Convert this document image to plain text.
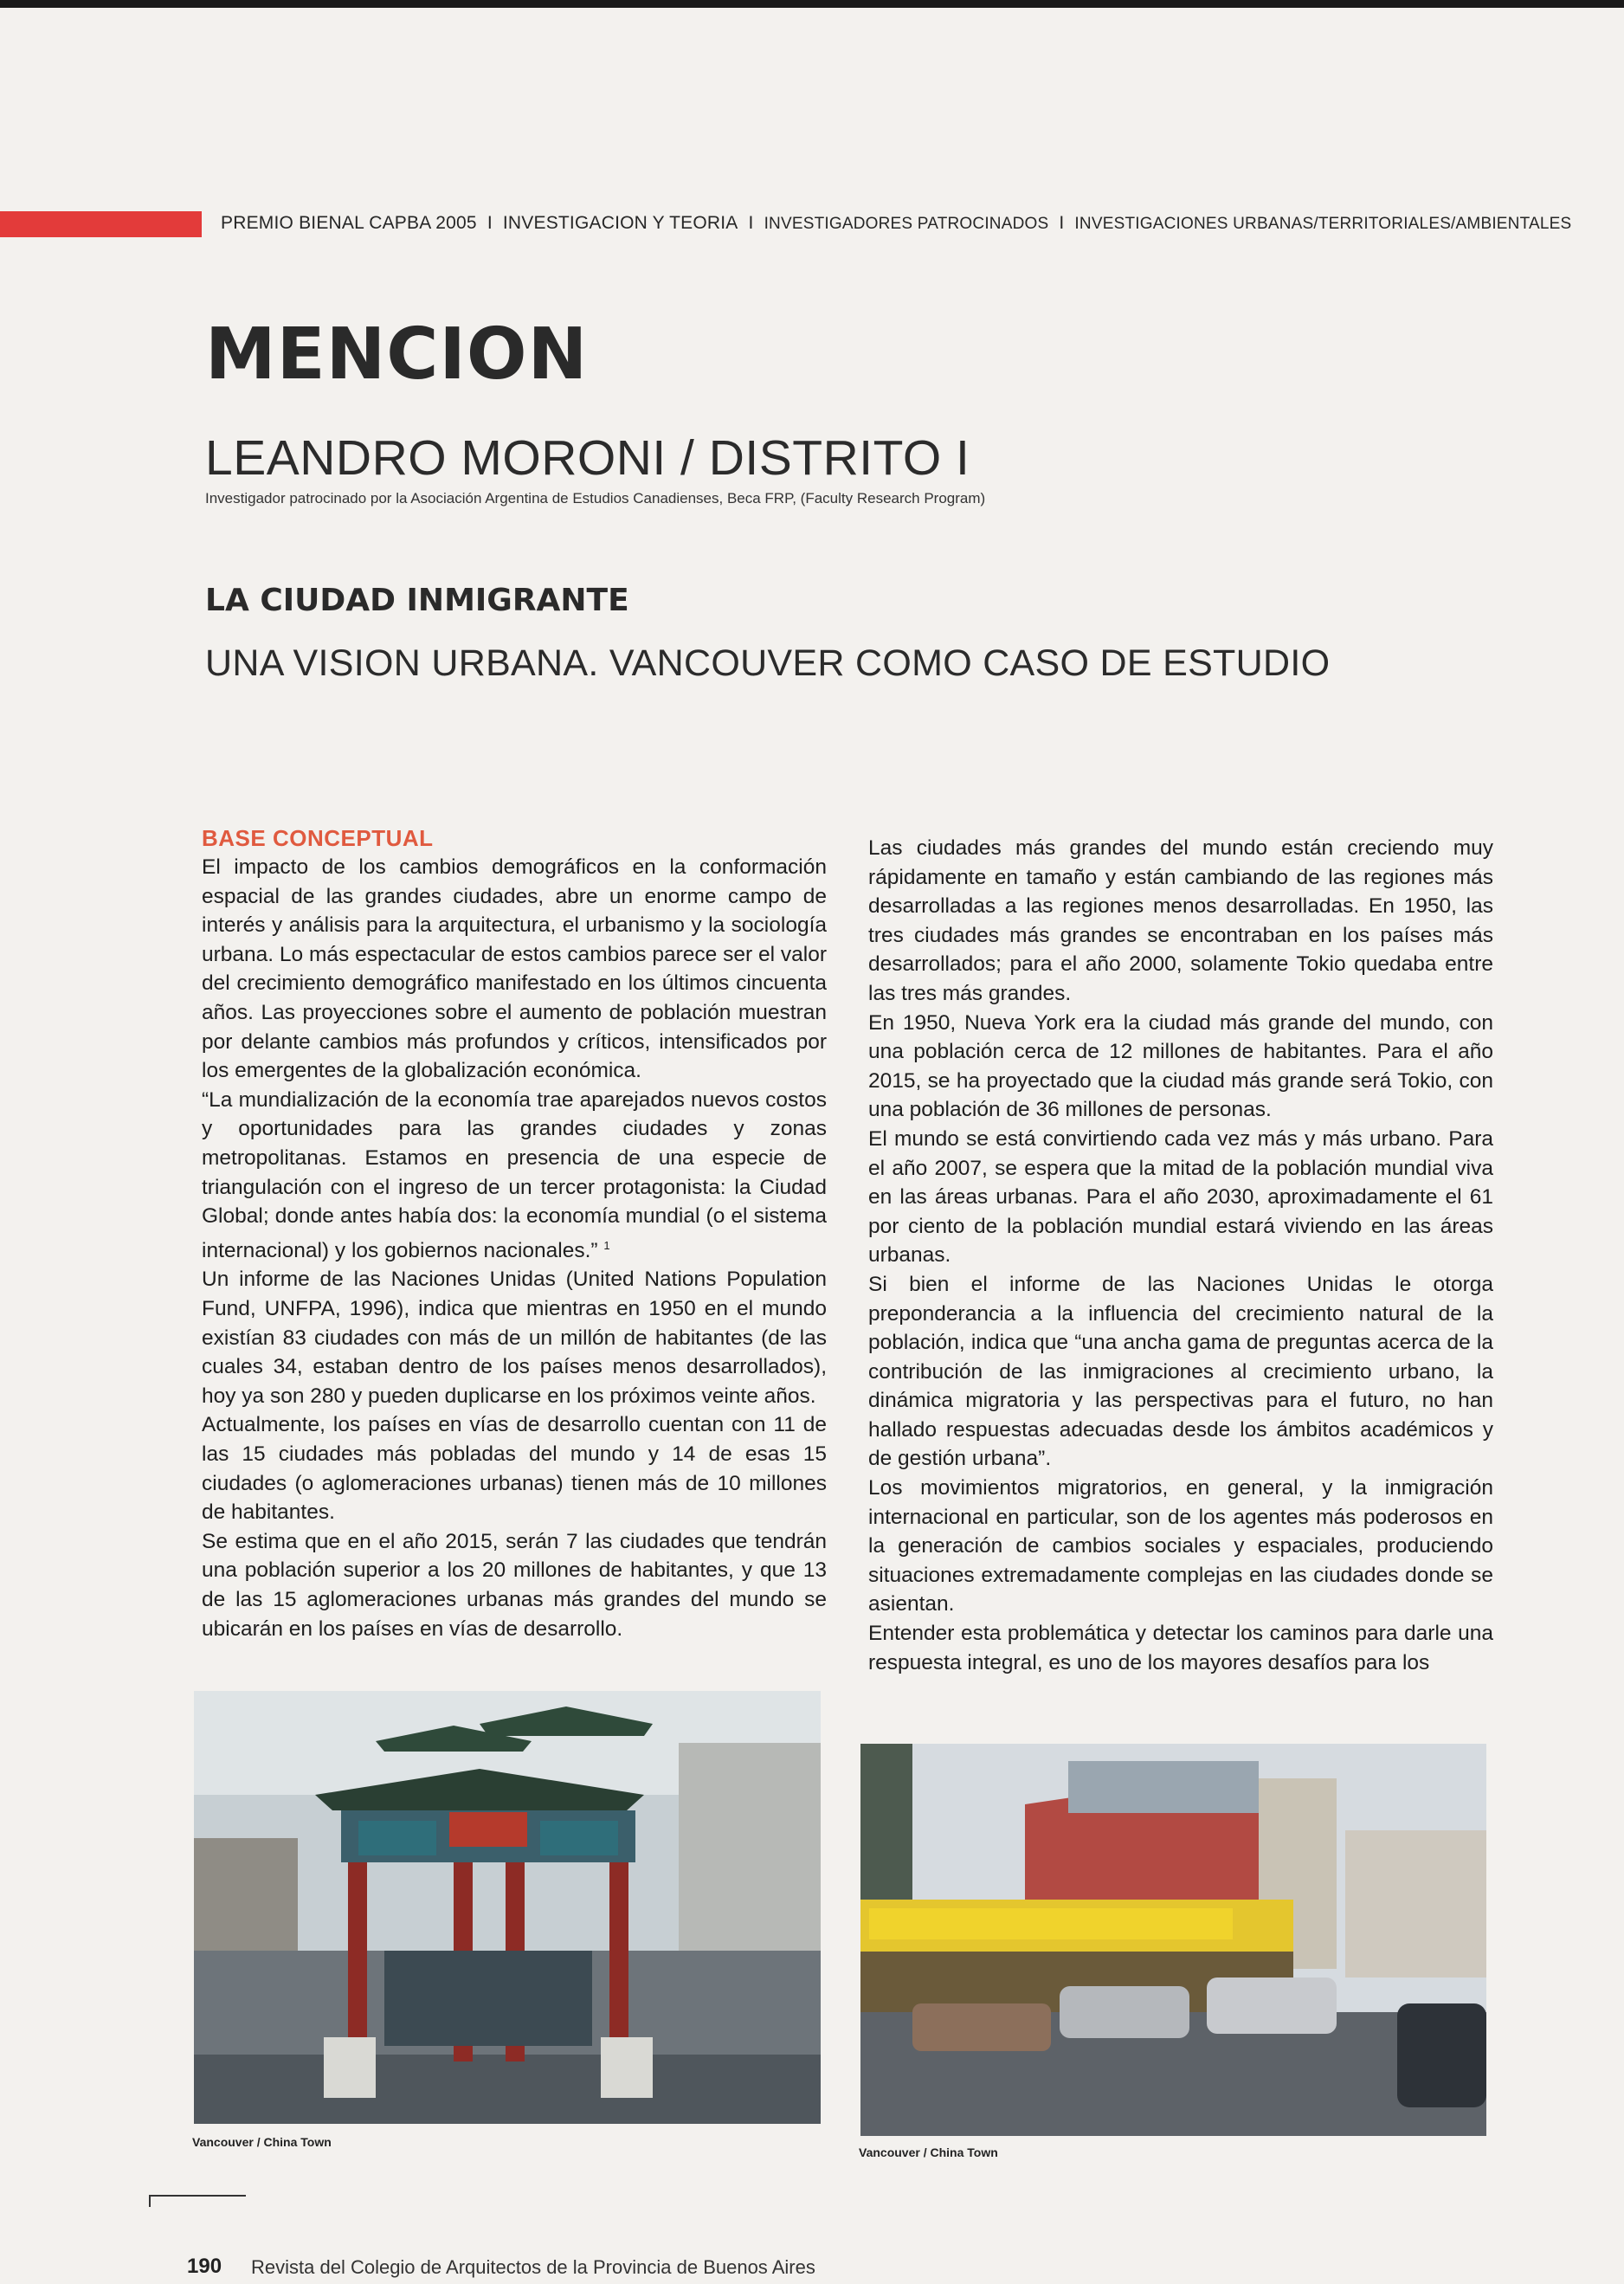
PREMIO BIENAL CAPBA 2005 I INVESTIGACION Y TEORIA I INVESTIGADORES PATROCINADOS I INVESTIGACIONES URBANAS/TERRITORIALES/AMBIENTALES
MENCION
LEANDRO MORONI / DISTRITO I
Investigador patrocinado por la Asociación Argentina de Estudios Canadienses, Beca FRP, (Faculty Research Program)
LA CIUDAD INMIGRANTE
UNA VISION URBANA. VANCOUVER COMO CASO DE ESTUDIO
BASE CONCEPTUAL

El impacto de los cambios demográficos en la conformación espacial de las grandes ciudades, abre un enorme campo de interés y análisis para la arquitectura, el urbanismo y la sociología urbana. Lo más espectacular de estos cambios parece ser el valor del crecimiento demográfico manifestado en los últimos cincuenta años. Las proyecciones sobre el aumento de población muestran por delante cambios más profundos y críticos, intensificados por los emergentes de la globalización económica.

“La mundialización de la economía trae aparejados nuevos costos y oportunidades para las grandes ciudades y zonas metropolitanas. Estamos en presencia de una especie de triangulación con el ingreso de un tercer protagonista: la Ciudad Global; donde antes había dos: la economía mundial (o el sistema internacional) y los gobiernos nacionales.” $^1$

Un informe de las Naciones Unidas (United Nations Population Fund, UNFPA, 1996), indica que mientras en 1950 en el mundo existían 83 ciudades con más de un millón de habitantes (de las cuales 34, estaban dentro de los países menos desarrollados), hoy ya son 280 y pueden duplicarse en los próximos veinte años.

Actualmente, los países en vías de desarrollo cuentan con 11 de las 15 ciudades más pobladas del mundo y 14 de esas 15 ciudades (o aglomeraciones urbanas) tienen más de 10 millones de habitantes.

Se estima que en el año 2015, serán 7 las ciudades que tendrán una población superior a los 20 millones de habitantes, y que 13 de las 15 aglomeraciones urbanas más grandes del mundo se ubicarán en los países en vías de desarrollo.

Las ciudades más grandes del mundo están creciendo muy rápidamente en tamaño y están cambiando de las regiones más desarrolladas a las regiones menos desarrolladas. En 1950, las tres ciudades más grandes se encontraban en los países más desarrollados; para el año 2000, solamente Tokio quedaba entre las tres más grandes.

En 1950, Nueva York era la ciudad más grande del mundo, con una población cerca de 12 millones de habitantes. Para el año 2015, se ha proyectado que la ciudad más grande será Tokio, con una población de 36 millones de personas.

El mundo se está convirtiendo cada vez más y más urbano. Para el año 2007, se espera que la mitad de la población mundial viva en las áreas urbanas. Para el año 2030, aproximadamente el 61 por ciento de la población mundial estará viviendo en las áreas urbanas.

Si bien el informe de las Naciones Unidas le otorga preponderancia a la influencia del crecimiento natural de la población, indica que “una ancha gama de preguntas acerca de la contribución de las inmigraciones al crecimiento urbano, la dinámica migratoria y las perspectivas para el futuro, no han hallado respuestas adecuadas desde los ámbitos académicos y de gestión urbana”.

Los movimientos migratorios, en general, y la inmigración internacional en particular, son de los agentes más poderosos en la generación de cambios sociales y espaciales, produciendo situaciones extremadamente complejas en las ciudades donde se asientan.

Entender esta problemática y detectar los caminos para darle una respuesta integral, es uno de los mayores desafíos para los

Vancouver / China Town
Vancouver / China Town
190 Revista del Colegio de Arquitectos de la Provincia de Buenos Aires
